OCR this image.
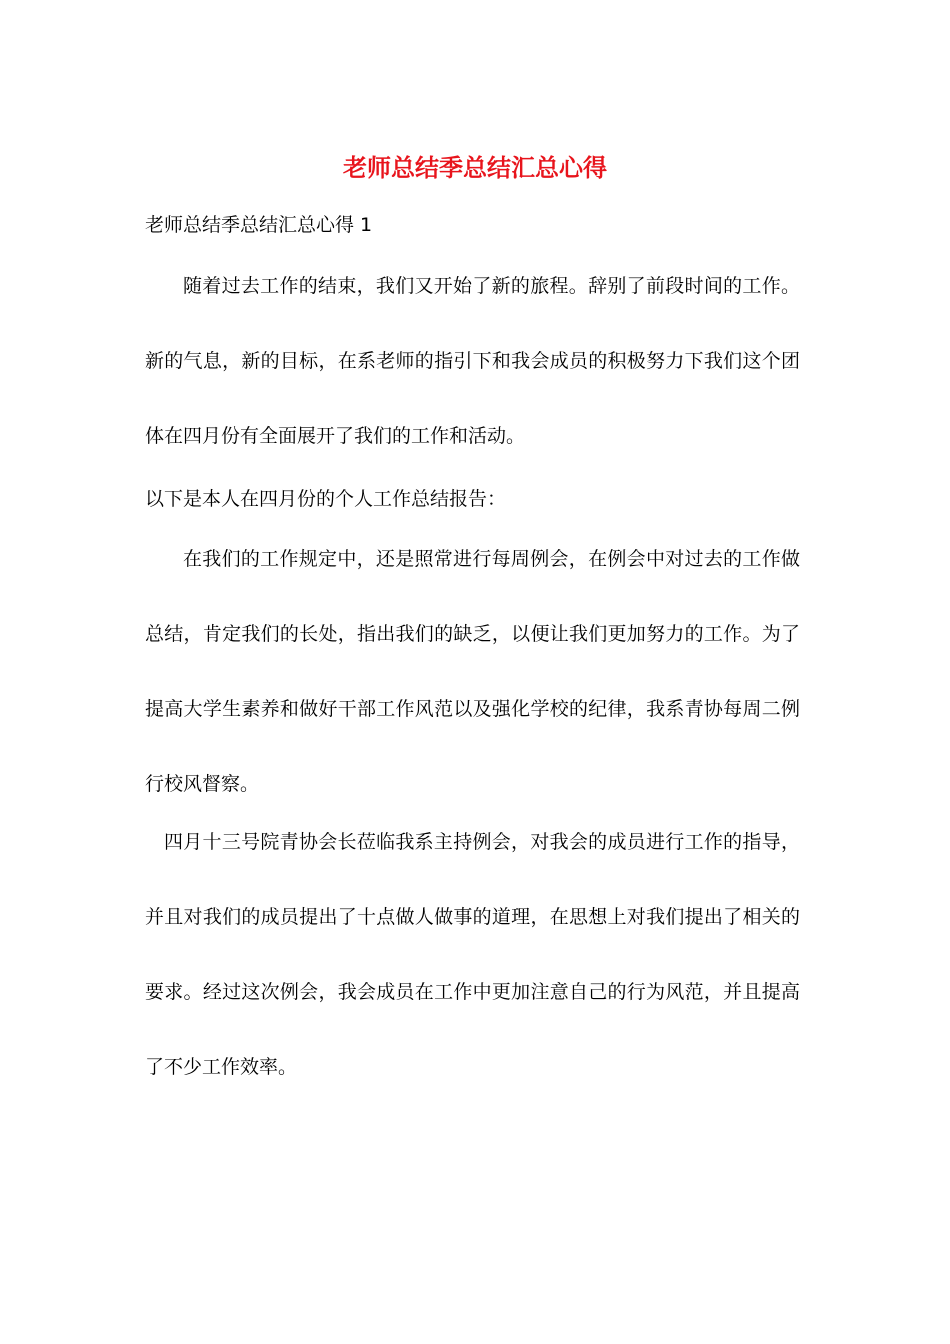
老师总结季总结汇总心得

老师总结季总结汇总心得 1

随着过去工作的结束，我们又开始了新的旅程。辞别了前段时间的工作。新的气息，新的目标，在系老师的指引下和我会成员的积极努力下我们这个团体在四月份有全面展开了我们的工作和活动。

以下是本人在四月份的个人工作总结报告：

在我们的工作规定中，还是照常进行每周例会，在例会中对过去的工作做总结，肯定我们的长处，指出我们的缺乏，以便让我们更加努力的工作。为了提高大学生素养和做好干部工作风范以及强化学校的纪律，我系青协每周二例行校风督察。

四月十三号院青协会长莅临我系主持例会，对我会的成员进行工作的指导，并且对我们的成员提出了十点做人做事的道理，在思想上对我们提出了相关的要求。经过这次例会，我会成员在工作中更加注意自己的行为风范，并且提高了不少工作效率。
